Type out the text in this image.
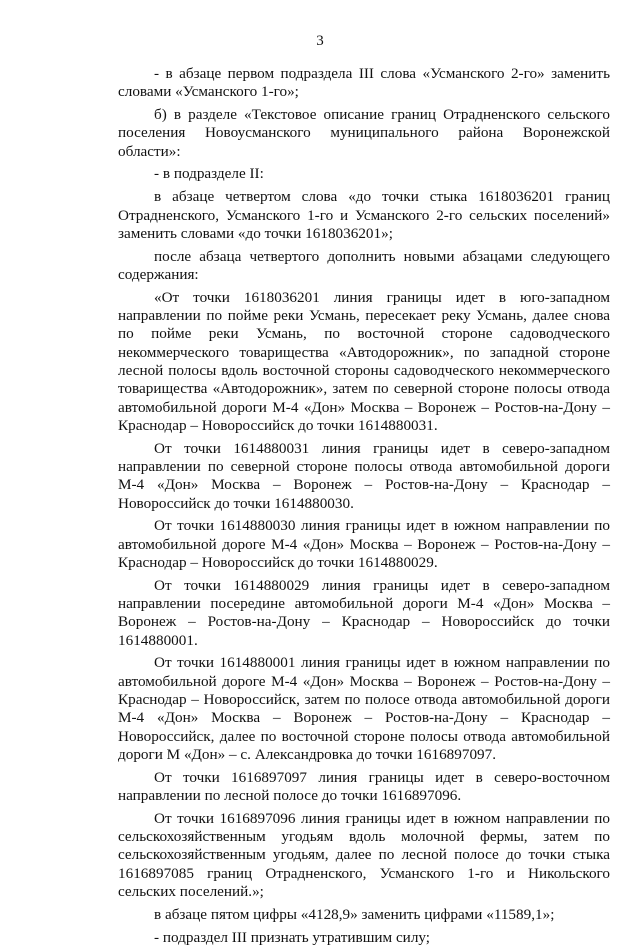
3

- в абзаце первом подраздела III слова «Усманского 2-го» заменить словами «Усманского 1-го»;

б) в разделе «Текстовое описание границ Отрадненского сельского поселения Новоусманского муниципального района Воронежской области»:

- в подразделе II:

в абзаце четвертом слова «до точки стыка 1618036201 границ Отрадненского, Усманского 1-го и Усманского 2-го сельских поселений» заменить словами «до точки 1618036201»;

после абзаца четвертого дополнить новыми абзацами следующего содержания:

«От точки 1618036201 линия границы идет в юго-западном направлении по пойме реки Усмань, пересекает реку Усмань, далее снова по пойме реки Усмань, по восточной стороне садоводческого некоммерческого товарищества «Автодорожник», по западной стороне лесной полосы вдоль восточной стороны садоводческого некоммерческого товарищества «Автодорожник», затем по северной стороне полосы отвода автомобильной дороги М-4 «Дон» Москва – Воронеж – Ростов-на-Дону – Краснодар – Новороссийск до точки 1614880031.

От точки 1614880031 линия границы идет в северо-западном направлении по северной стороне полосы отвода автомобильной дороги М-4 «Дон» Москва – Воронеж – Ростов-на-Дону – Краснодар – Новороссийск до точки 1614880030.

От точки 1614880030 линия границы идет в южном направлении по автомобильной дороге М-4 «Дон» Москва – Воронеж – Ростов-на-Дону – Краснодар – Новороссийск до точки 1614880029.

От точки 1614880029 линия границы идет в северо-западном направлении посередине автомобильной дороги М-4 «Дон» Москва – Воронеж – Ростов-на-Дону – Краснодар – Новороссийск до точки 1614880001.

От точки 1614880001 линия границы идет в южном направлении по автомобильной дороге М-4 «Дон» Москва – Воронеж – Ростов-на-Дону – Краснодар – Новороссийск, затем по полосе отвода автомобильной дороги М-4 «Дон» Москва – Воронеж – Ростов-на-Дону – Краснодар – Новороссийск, далее по восточной стороне полосы отвода автомобильной дороги М «Дон» – с. Александровка до точки 1616897097.

От точки 1616897097 линия границы идет в северо-восточном направлении по лесной полосе до точки 1616897096.

От точки 1616897096 линия границы идет в южном направлении по сельскохозяйственным угодьям вдоль молочной фермы, затем по сельскохозяйственным угодьям, далее по лесной полосе до точки стыка 1616897085 границ Отрадненского, Усманского 1-го и Никольского сельских поселений.»;

в абзаце пятом цифры «4128,9» заменить цифрами «11589,1»;

- подраздел III признать утратившим силу;
